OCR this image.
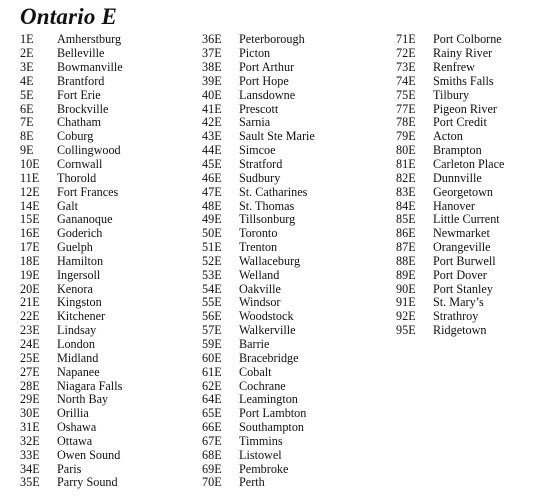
Ontario E
1E	Amherstburg
2E	Belleville
3E	Bowmanville
4E	Brantford
5E	Fort Erie
6E	Brockville
7E	Chatham
8E	Coburg
9E	Collingwood
10E	Cornwall
11E	Thorold
12E	Fort Frances
14E	Galt
15E	Gananoque
16E	Goderich
17E	Guelph
18E	Hamilton
19E	Ingersoll
20E	Kenora
21E	Kingston
22E	Kitchener
23E	Lindsay
24E	London
25E	Midland
27E	Napanee
28E	Niagara Falls
29E	North Bay
30E	Orillia
31E	Oshawa
32E	Ottawa
33E	Owen Sound
34E	Paris
35E	Parry Sound
36E	Peterborough
37E	Picton
38E	Port Arthur
39E	Port Hope
40E	Lansdowne
41E	Prescott
42E	Sarnia
43E	Sault Ste Marie
44E	Simcoe
45E	Stratford
46E	Sudbury
47E	St. Catharines
48E	St. Thomas
49E	Tillsonburg
50E	Toronto
51E	Trenton
52E	Wallaceburg
53E	Welland
54E	Oakville
55E	Windsor
56E	Woodstock
57E	Walkerville
59E	Barrie
60E	Bracebridge
61E	Cobalt
62E	Cochrane
64E	Leamington
65E	Port Lambton
66E	Southampton
67E	Timmins
68E	Listowel
69E	Pembroke
70E	Perth
71E	Port Colborne
72E	Rainy River
73E	Renfrew
74E	Smiths Falls
75E	Tilbury
77E	Pigeon River
78E	Port Credit
79E	Acton
80E	Brampton
81E	Carleton Place
82E	Dunnville
83E	Georgetown
84E	Hanover
85E	Little Current
86E	Newmarket
87E	Orangeville
88E	Port Burwell
89E	Port Dover
90E	Port Stanley
91E	St. Mary’s
92E	Strathroy
95E	Ridgetown
